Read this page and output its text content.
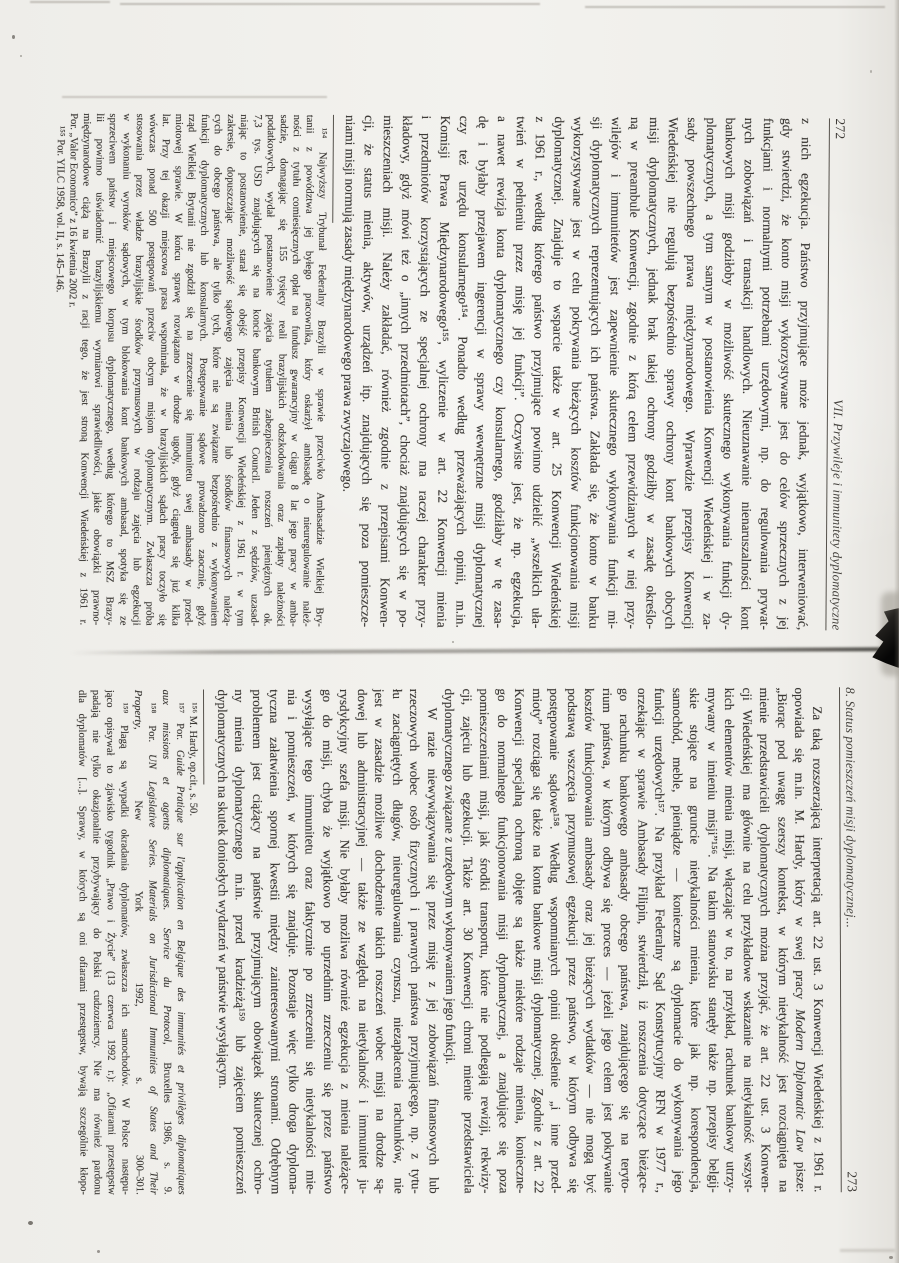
272
VII. Przywileje i immunitety dyplomatyczne
z nich egzekucja. Państwo przyjmujące może jednak, wyjątkowo, interweniować,
gdy stwierdzi, że konto misji wykorzystywane jest do celów sprzecznych z jej
funkcjami i normalnymi potrzebami urzędowymi, np. do regulowania prywat-
nych zobowiązań i transakcji handlowych. Nieuznawanie nienaruszalności kont
bankowych misji godziłoby w możliwość skutecznego wykonywania funkcji dy-
plomatycznych, a tym samym w postanowienia Konwencji Wiedeńskiej i w za-
sady powszechnego prawa międzynarodowego. Wprawdzie przepisy Konwencji
Wiedeńskiej nie regulują bezpośrednio sprawy ochrony kont bankowych obcych
misji dyplomatycznych, jednak brak takiej ochrony godziłby w zasadę określo-
ną w preambule Konwencji, zgodnie z którą celem przewidzianych w niej przy-
wilejów i immunitetów jest zapewnienie skutecznego wykonywania funkcji mi-
sji dyplomatycznych reprezentujących ich państwa. Zakłada się, że konto w banku
wykorzystywane jest w celu pokrywania bieżących kosztów funkcjonowania misji
dyplomatycznej. Znajduje to wsparcie także w art. 25 Konwencji Wiedeńskiej
z 1961 r., według którego państwo przyjmujące powinno udzielić „wszelkich uła-
twień w pełnieniu przez misję jej funkcji”. Oczywiste jest, że np. egzekucja,
a nawet rewizja konta dyplomatycznego czy konsularnego, godziłaby w tę zasa-
dę i byłaby przejawem ingerencji w sprawy wewnętrzne misji dyplomatycznej
czy też urzędu konsularnego¹⁵⁴. Ponadto według przeważających opinii, m.in.
Komisji Prawa Międzynarodowego¹⁵⁵, wyliczenie w art. 22 Konwencji mienia
i przedmiotów korzystających ze specjalnej ochrony ma raczej charakter przy-
kładowy, gdyż mówi też o „innych przedmiotach”, chociaż znajdujących się w po-
mieszczeniach misji. Należy zakładać, również zgodnie z przepisami Konwen-
cji, że status mienia, aktywów, urządzeń itp. znajdujących się poza pomieszcze-
niami misji normują zasady międzynarodowego prawa zwyczajowego.
¹⁵⁴ Najwyższy Trybunał Federalny Brazylii w sprawie przeciwko Ambasadzie Wielkiej Bry-
tanii z powództwa jej byłego pracownika, który oskarżył ambasadę o nieuregulowanie należ-
ności z tytułu comiesięcznych opłat na fundusz gwarancyjny w ciągu 8 lat jego pracy w amba-
sadzie, domagając się 155 tysięcy reali brazylijskich odszkodowania oraz zapłaty należności
podatkowych, wydał postanowienie zajęcia tytułem zabezpieczenia roszczeń pieniężnych ok.
7,3 tys. USD znajdujących się na koncie bankowym British Council. Jeden z sędziów, uzasad-
niając to postanowienie, starał się obejść przepisy Konwencji Wiedeńskiej z 1961 r. w tym
zakresie, dopuszczając możliwość sądowego zajęcia mienia lub środków finansowych należą-
cych do obcego państwa, ale tylko tych, które nie są związane bezpośrednio z wykonywaniem
funkcji dyplomatycznych lub konsularnych. Postępowanie sądowe prowadzono zaocznie, gdyż
rząd Wielkiej Brytanii nie zgodził się na zrzeczenie się immunitetu swej ambasady w przed-
miotowej sprawie. W końcu sprawę rozwiązano w drodze ugody, gdyż ciągnęła się już kilka
lat. Przy tej okazji miejscowa prasa wspominała, że w brazylijskich sądach pracy toczyło się
wówczas ponad 500 postępowań przeciw obcym misjom dyplomatycznym. Zwłaszcza próba
stosowania przez władze brazylijskie środków przymusowych w rodzaju zajęcia lub egzekucji
w wykonaniu wyroków sądowych, w tym blokowania kont bankowych ambasad, spotyka się ze
sprzeciwem państw i miejscowego korpusu dyplomatycznego, według którego to MSZ Brazy-
lii powinno uświadomić brazylijskiemu wymiarowi sprawiedliwości, jakie obowiązki prawno-
międzynarodowe ciążą na Brazylii z racji tego, że jest stroną Konwencji Wiedeńskiej z 1961 r.
Por. „Valor Economico” z 16 kwietnia 2002 r.
¹⁵⁵ Por. YILC 1958, vol. II, s. 145–146.
8. Status pomieszczeń misji dyplomatycznej...
273
Za taką rozszerzającą interpretacją art. 22 ust. 3 Konwencji Wiedeńskiej z 1961 r.
opowiada się m.in. M. Hardy, który w swej pracy Modern Diplomatic Law pisze:
„Biorąc pod uwagę szerszy kontekst, w którym nietykalność jest rozciągnięta na
mienie przedstawicieli dyplomatycznych można przyjąć, że art. 22 ust. 3 Konwen-
cji Wiedeńskiej ma głównie na celu przykładowe wskazanie na nietykalność wszyst-
kich elementów mienia misji, włączając w to, na przykład, rachunek bankowy utrzy-
mywany w imieniu misji”¹⁵⁶. Na takim stanowisku stanęły także np. przepisy belgij-
skie stojące na gruncie nietykalności mienia, które jak np. korespondencja,
samochód, meble, pieniądze — konieczne są dyplomacie do wykonywania jego
funkcji urzędowych¹⁵⁷. Na przykład Federalny Sąd Konstytucyjny RFN w 1977 r.,
orzekając w sprawie Ambasady Filipin, stwierdził, iż roszczenia dotyczące bieżące-
go rachunku bankowego ambasady obcego państwa, znajdującego się na teryto-
rium państwa, w którym odbywa się proces — jeżeli jego celem jest pokrywanie
kosztów funkcjonowania ambasady oraz jej bieżących wydatków — nie mogą być
podstawą wszczęcia przymusowej egzekucji przez państwo, w którym odbywa się
postępowanie sądowe¹⁵⁸. Według wspomnianych opinii określenie „i inne przed-
mioty” rozciąga się także na konta bankowe misji dyplomatycznej. Zgodnie z art. 22
Konwencji specjalną ochroną objęte są także niektóre rodzaje mienia, konieczne-
go do normalnego funkcjonowania misji dyplomatycznej, a znajdujące się poza
pomieszczeniami misji, jak środki transportu, które nie podlegają rewizji, rekwizy-
cji, zajęciu lub egzekucji. Także art. 30 Konwencji chroni mienie przedstawiciela
dyplomatycznego związane z urzędowym wykonywaniem jego funkcji.
W razie niewywiązywania się przez misję z jej zobowiązań finansowych lub
rzeczowych wobec osób fizycznych i prawnych państwa przyjmującego, np. z tytu-
łu zaciągniętych długów, nieuregulowania czynszu, niezapłacenia rachunków, nie
jest w zasadzie możliwe dochodzenie takich roszczeń wobec misji na drodze są-
dowej lub administracyjnej — także ze względu na nietykalność i immunitet ju-
rysdykcyjny szefa misji. Nie byłaby możliwa również egzekucja z mienia należące-
go do misji, chyba że wyjątkowo po uprzednim zrzeczeniu się przez państwo
wysyłające tego immunitetu oraz faktycznie po zrzeczeniu się nietykalności mie-
nia i pomieszczeń, w których się znajduje. Pozostaje więc tylko droga dyploma-
tyczna załatwienia spornej kwestii między zainteresowanymi stronami. Odrębnym
problemem jest ciążący na państwie przyjmującym obowiązek skutecznej ochro-
ny mienia dyplomatycznego m.in. przed kradzieżą¹⁵⁹ lub zajęciem pomieszczeń
dyplomatycznych na skutek doniosłych wydarzeń w państwie wysyłającym.
¹⁵⁶ M. Hardy, op.cit., s. 50.
¹⁵⁷ Por. Guide Pratique sur l'application en Belgique des immunités et privilèges diplomatiques
aux missions et agents diplomatiques. Service du Protocol, Bruxelles 1986, s. 9.
¹⁵⁸ Por. UN Legislative Series. Materials on Jurisdictional Immunities of States and Their
Property, New York 1992, s. 300–301.
¹⁵⁹ Plagą są wypadki okradania dyplomatów, zwłaszcza ich samochodów. W Polsce następu-
jąco opisywał to zjawisko tygodnik „Prawo i Życie” (13 czerwca 1992 r.): „Ofiarami przestępstw
padają nie tylko okazjonalnie przybywający do Polski cudzoziemcy. Nie ma również pardonu
dla dyplomatów [...]. Sprawy, w których są oni ofiarami przestępstw, bywają szczególnie kłopo-
